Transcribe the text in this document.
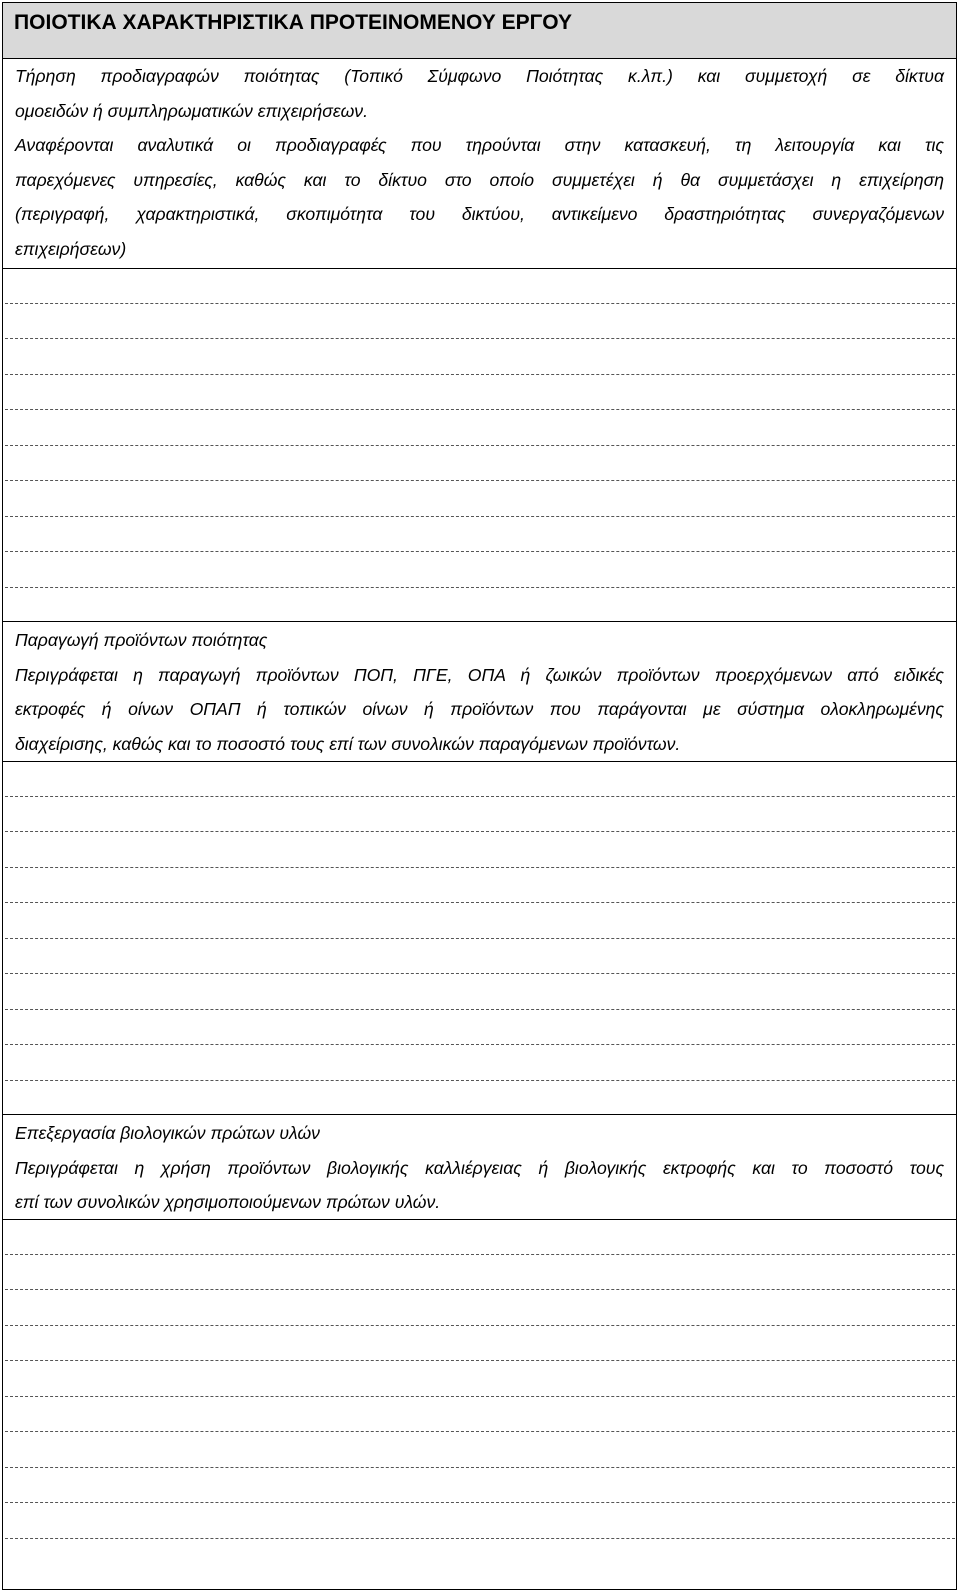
ΠΟΙΟΤΙΚΑ ΧΑΡΑΚΤΗΡΙΣΤΙΚΑ ΠΡΟΤΕΙΝΟΜΕΝΟΥ ΕΡΓΟΥ
Τήρηση προδιαγραφών ποιότητας (Τοπικό Σύμφωνο Ποιότητας κ.λπ.) και συμμετοχή σε δίκτυα
ομοειδών ή συμπληρωματικών επιχειρήσεων.
Αναφέρονται αναλυτικά οι προδιαγραφές που τηρούνται στην κατασκευή, τη λειτουργία και τις
παρεχόμενες υπηρεσίες, καθώς και το δίκτυο στο οποίο συμμετέχει ή θα συμμετάσχει η επιχείρηση
(περιγραφή, χαρακτηριστικά, σκοπιμότητα του δικτύου, αντικείμενο δραστηριότητας συνεργαζόμενων
επιχειρήσεων)
Παραγωγή προϊόντων ποιότητας
Περιγράφεται η παραγωγή προϊόντων ΠΟΠ, ΠΓΕ, ΟΠΑ ή ζωικών προϊόντων προερχόμενων από ειδικές
εκτροφές ή οίνων ΟΠΑΠ ή τοπικών οίνων ή προϊόντων που παράγονται με σύστημα ολοκληρωμένης
διαχείρισης, καθώς και το ποσοστό τους επί των συνολικών παραγόμενων προϊόντων.
Επεξεργασία βιολογικών πρώτων υλών
Περιγράφεται η χρήση προϊόντων βιολογικής καλλιέργειας ή βιολογικής εκτροφής και το ποσοστό τους
επί των συνολικών χρησιμοποιούμενων πρώτων υλών.
